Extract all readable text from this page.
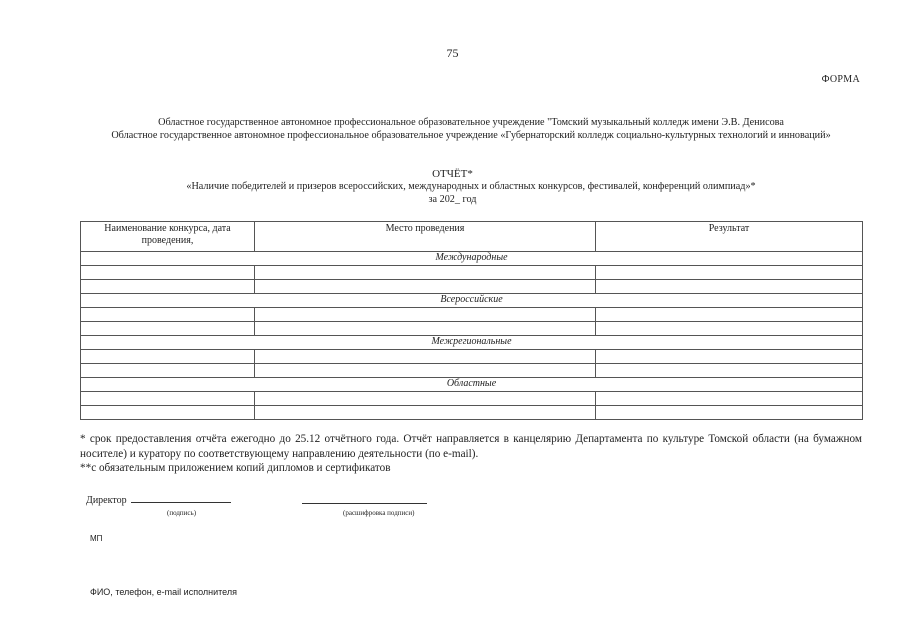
75
ФОРМА
Областное государственное автономное профессиональное образовательное учреждение "Томский музыкальный колледж имени Э.В. Денисова
Областное государственное автономное профессиональное образовательное учреждение «Губернаторский колледж социально-культурных технологий и инноваций»
ОТЧЁТ*
«Наличие победителей и призеров всероссийских, международных и областных конкурсов, фестивалей, конференций олимпиад»*
за 202_ год
Наименование конкурса, дата проведения,	Место проведения	Результат
Международные		

Всероссийские		

Межрегиональные		

Областные		

* срок предоставления отчёта ежегодно до 25.12 отчётного года. Отчёт направляется в канцелярию Департамента по культуре Томской области (на бумажном носителе) и куратору по соответствующему направлению деятельности (по e-mail).

**с обязательным приложением копий дипломов и сертификатов

Директор
(подпись)	(расшифровка подписи)
МП
ФИО, телефон, e-mail исполнителя
